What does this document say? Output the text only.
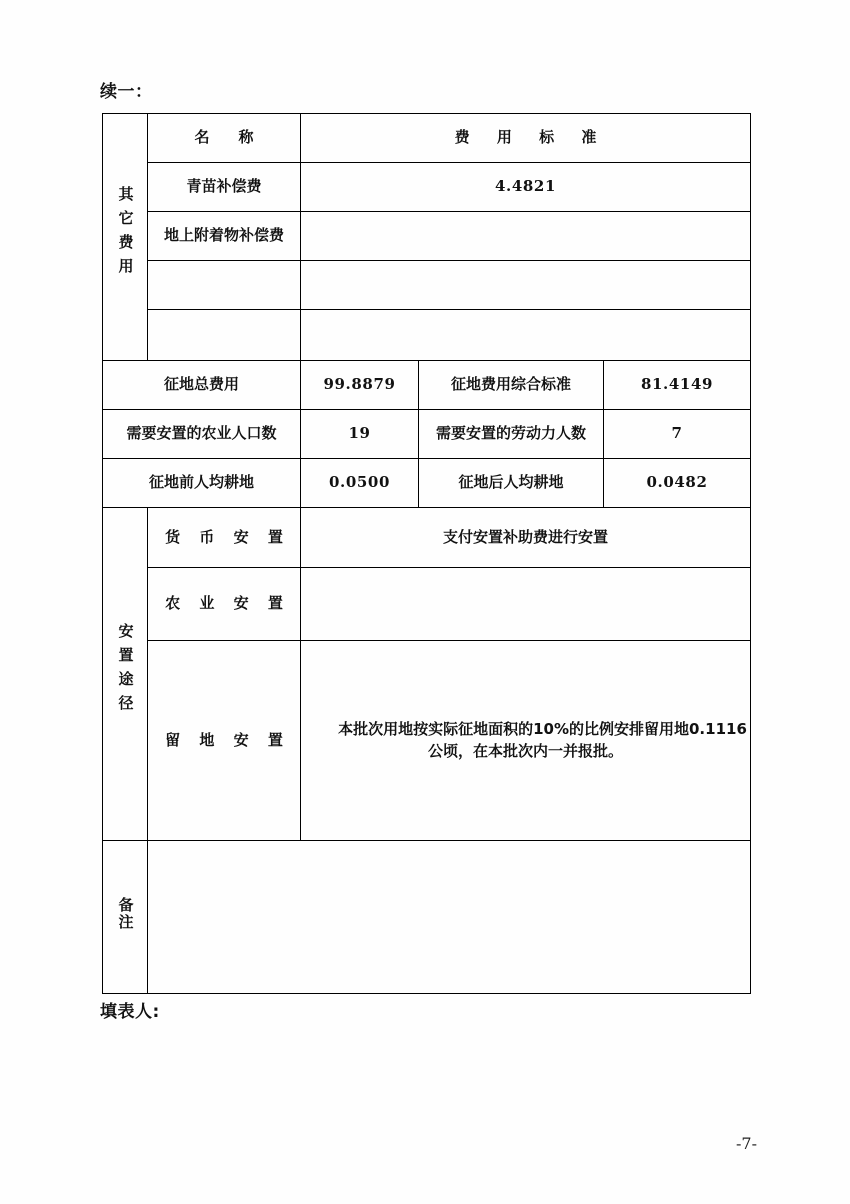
续一：
其它费用	名　称	费 用 标 准		
	青苗补偿费	4.4821		
	地上附着物补偿费			

征地总费用		99.8879	征地费用综合标准	81.4149
需要安置的农业人口数		19	需要安置的劳动力人数	7
征地前人均耕地		0.0500	征地后人均耕地	0.0482
安置途径	货 币 安 置	支付安置补助费进行安置		
	农 业 安 置			
	留 地 安 置	本批次用地按实际征地面积的10%的比例安排留用地0.1116公顷，在本批次内一并报批。		
备注				
填表人:
-7-
